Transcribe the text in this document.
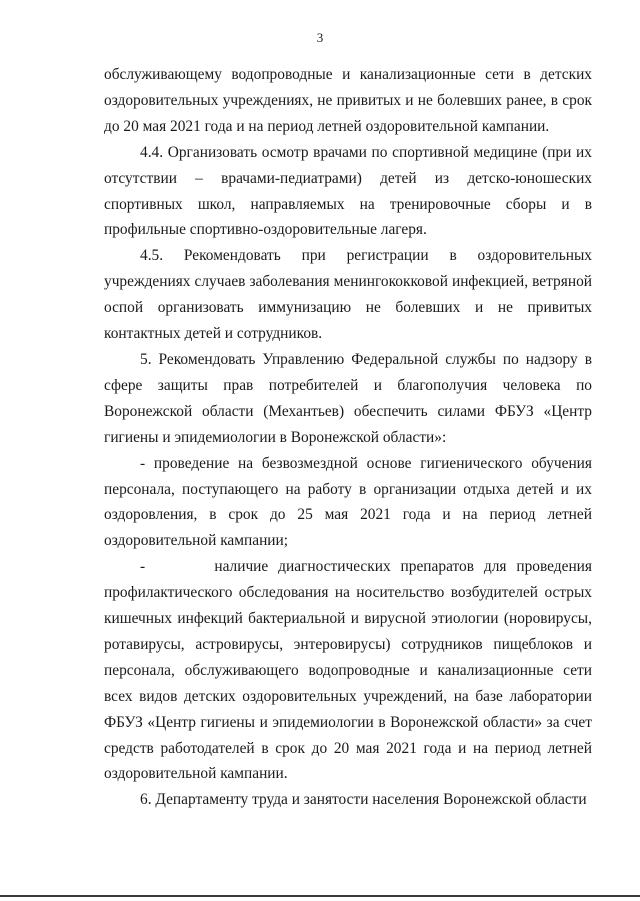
3

обслуживающему водопроводные и канализационные сети в детских оздоровительных учреждениях, не привитых и не болевших ранее, в срок до 20 мая 2021 года и на период летней оздоровительной кампании.

4.4. Организовать осмотр врачами по спортивной медицине (при их отсутствии – врачами-педиатрами) детей из детско-юношеских спортивных школ, направляемых на тренировочные сборы и в профильные спортивно-оздоровительные лагеря.

4.5. Рекомендовать при регистрации в оздоровительных учреждениях случаев заболевания менингококковой инфекцией, ветряной оспой организовать иммунизацию не болевших и не привитых контактных детей и сотрудников.

5. Рекомендовать Управлению Федеральной службы по надзору в сфере защиты прав потребителей и благополучия человека по Воронежской области (Механтьев) обеспечить силами ФБУЗ «Центр гигиены и эпидемиологии в Воронежской области»:

- проведение на безвозмездной основе гигиенического обучения персонала, поступающего на работу в организации отдыха детей и их оздоровления, в срок до 25 мая 2021 года и на период летней оздоровительной кампании;

-       наличие диагностических препаратов для проведения
профилактического обследования на носительство возбудителей острых кишечных инфекций бактериальной и вирусной этиологии (норовирусы, ротавирусы, астровирусы, энтеровирусы) сотрудников пищеблоков и персонала, обслуживающего водопроводные и канализационные сети всех видов детских оздоровительных учреждений, на базе лаборатории ФБУЗ «Центр гигиены и эпидемиологии в Воронежской области» за счет средств работодателей в срок до 20 мая 2021 года и на период летней оздоровительной кампании.

6. Департаменту труда и занятости населения Воронежской области
